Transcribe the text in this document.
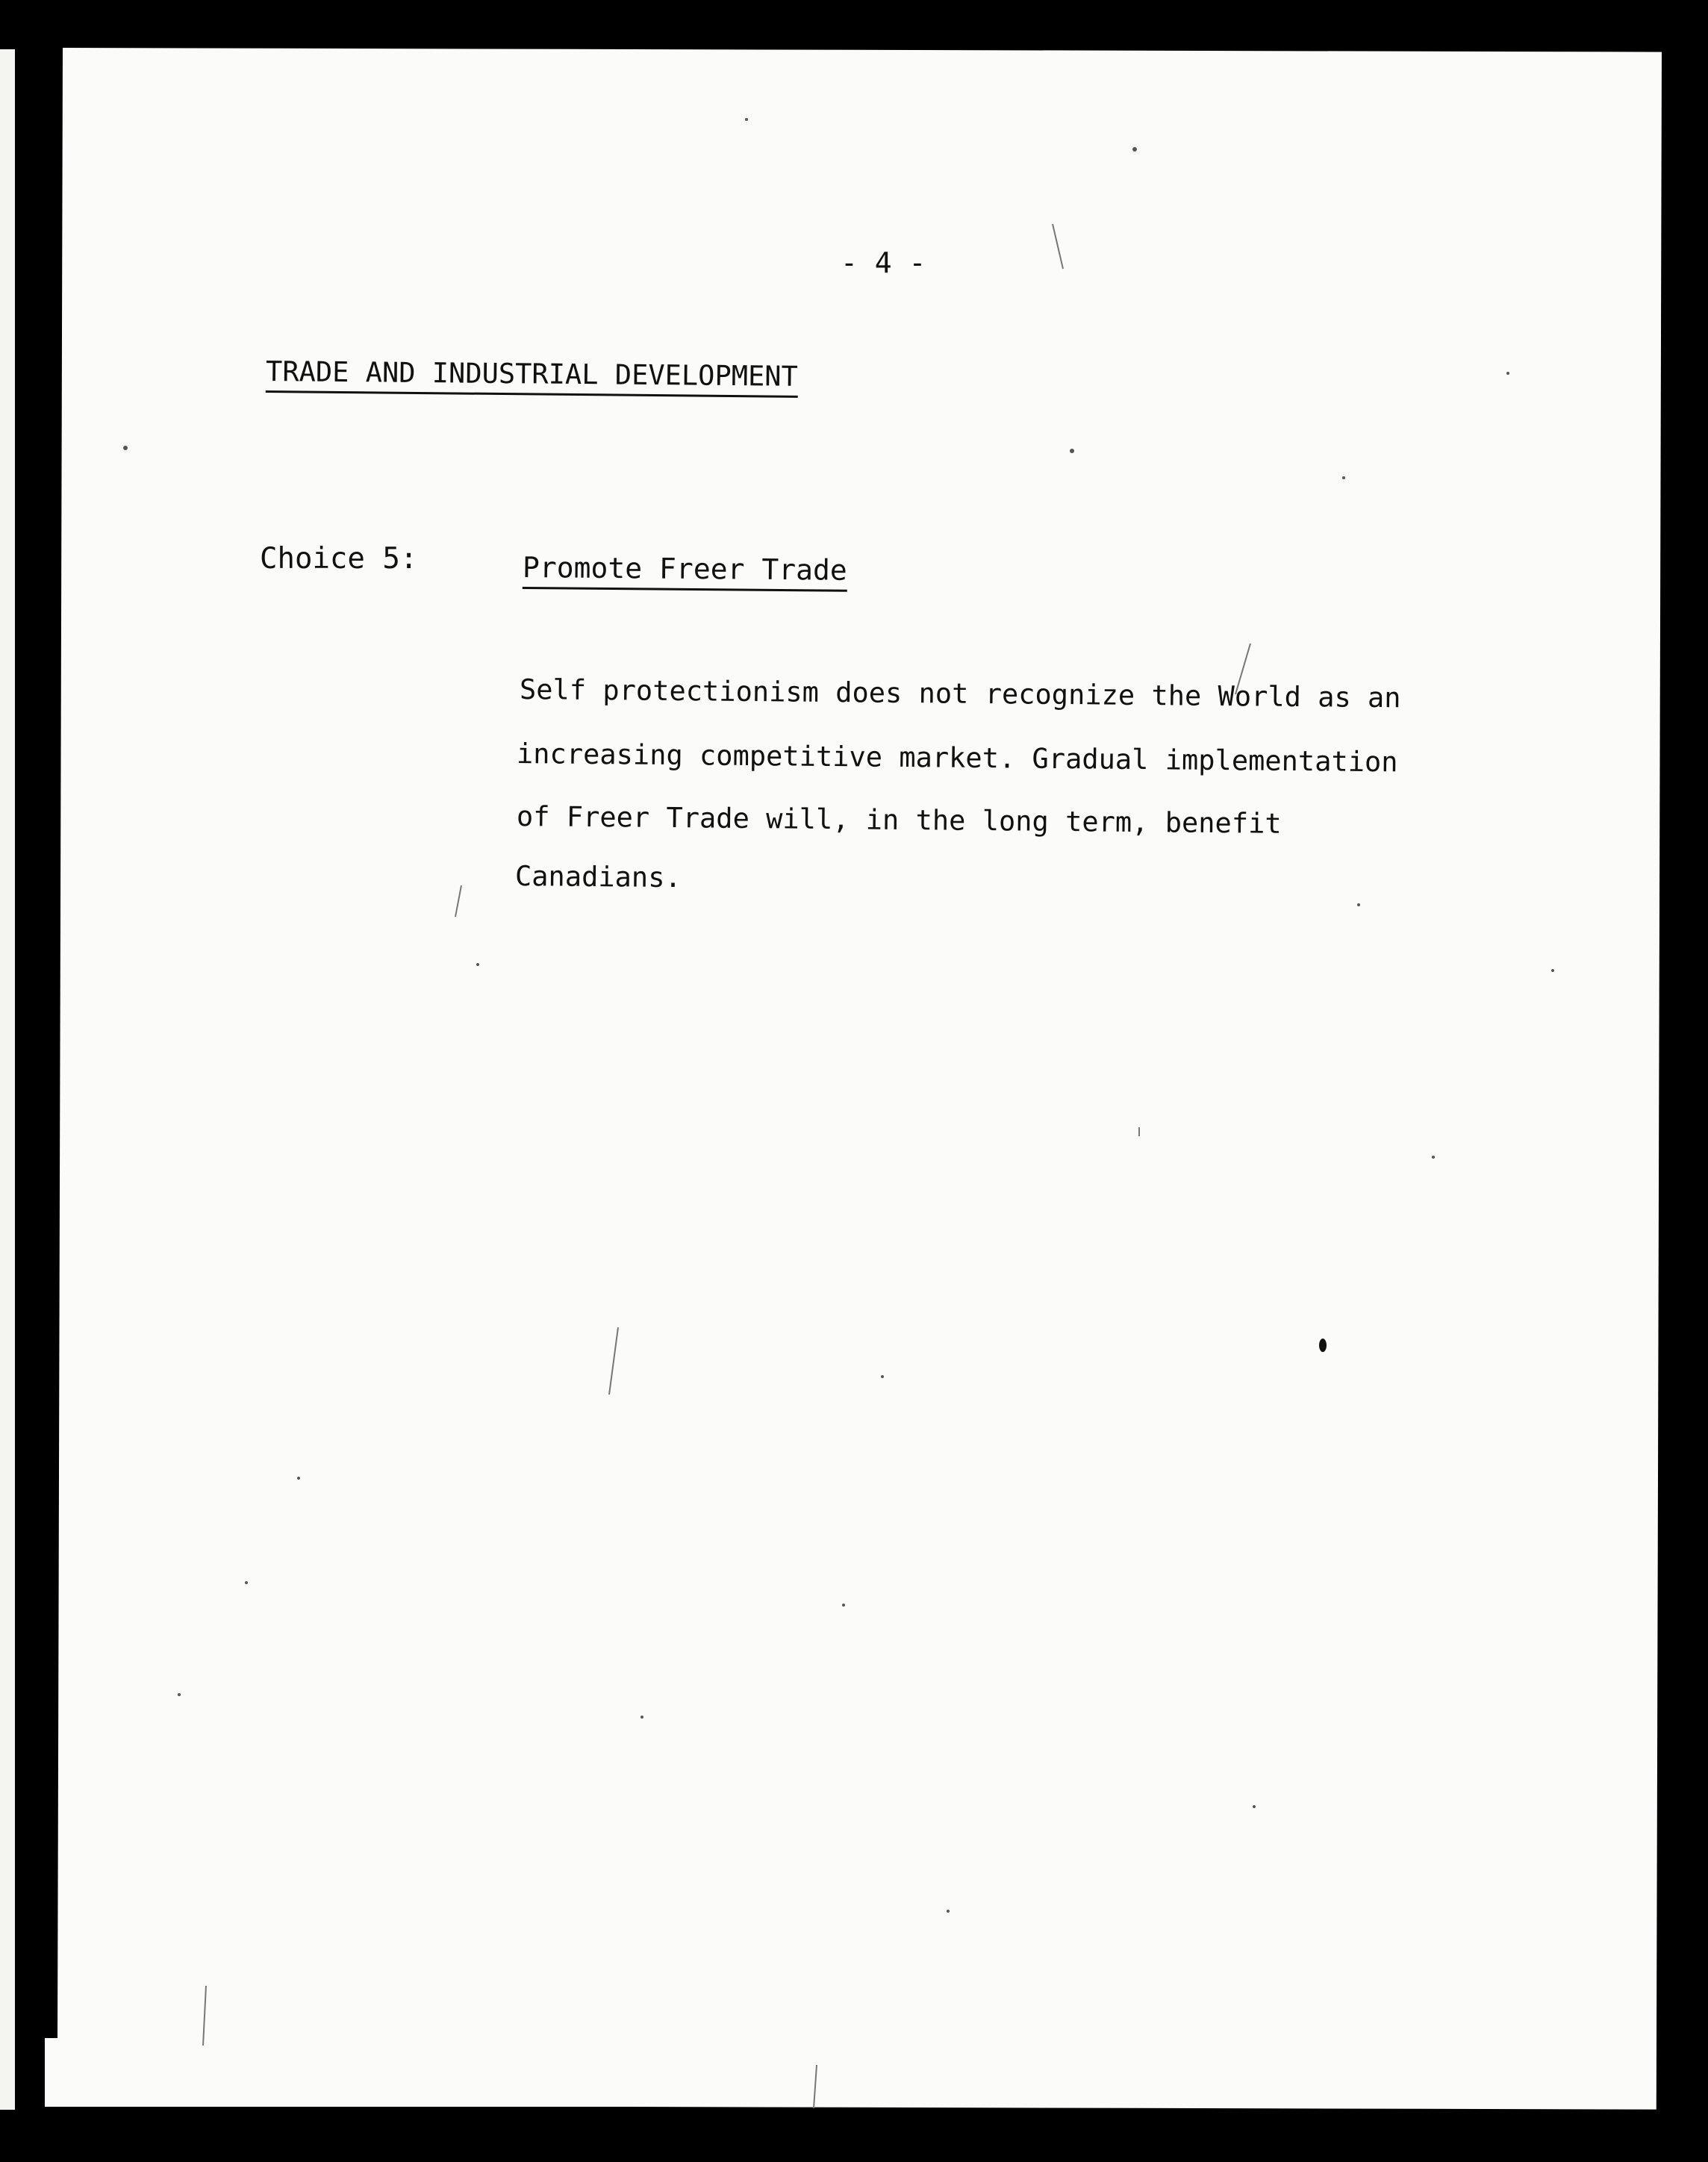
- 4 -

TRADE AND INDUSTRIAL DEVELOPMENT

Choice 5:	Promote Freer Trade

Self protectionism does not recognize the World as an

increasing competitive market. Gradual implementation

of Freer Trade will, in the long term, benefit

Canadians.
